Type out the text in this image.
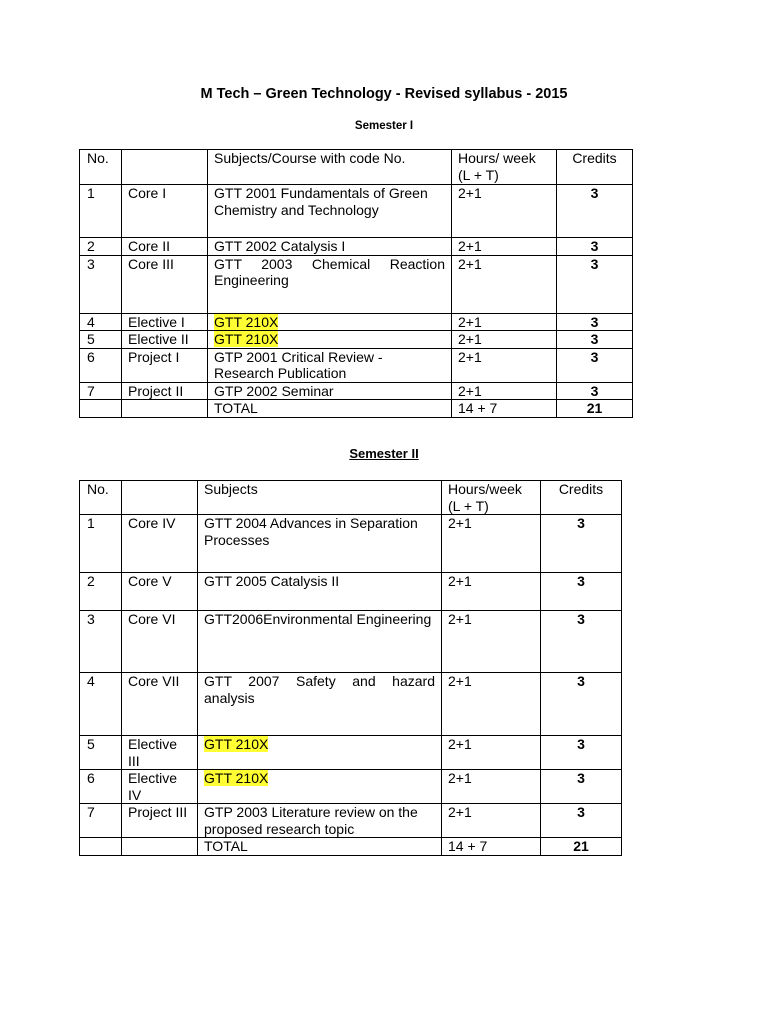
M Tech – Green Technology - Revised syllabus - 2015
Semester I
No.		Subjects/Course with code No.	Hours/ week (L + T)	Credits
1	Core I	GTT 2001 Fundamentals of Green Chemistry and Technology	2+1	3
2	Core II	GTT 2002 Catalysis I	2+1	3
3	Core III	GTT 2003 Chemical Reaction Engineering	2+1	3
4	Elective I	GTT 210X	2+1	3
5	Elective II	GTT 210X	2+1	3
6	Project I	GTP 2001 Critical Review - Research Publication	2+1	3
7	Project II	GTP 2002 Seminar	2+1	3
		TOTAL	14 + 7	21
Semester II
No.		Subjects	Hours/week (L + T)	Credits
1	Core IV	GTT 2004 Advances in Separation Processes	2+1	3
2	Core V	GTT 2005 Catalysis II	2+1	3
3	Core VI	GTT2006Environmental Engineering	2+1	3
4	Core VII	GTT 2007 Safety and hazard analysis	2+1	3
5	Elective III	GTT 210X	2+1	3
6	Elective IV	GTT 210X	2+1	3
7	Project III	GTP 2003 Literature review on the proposed research topic	2+1	3
		TOTAL	14 + 7	21
